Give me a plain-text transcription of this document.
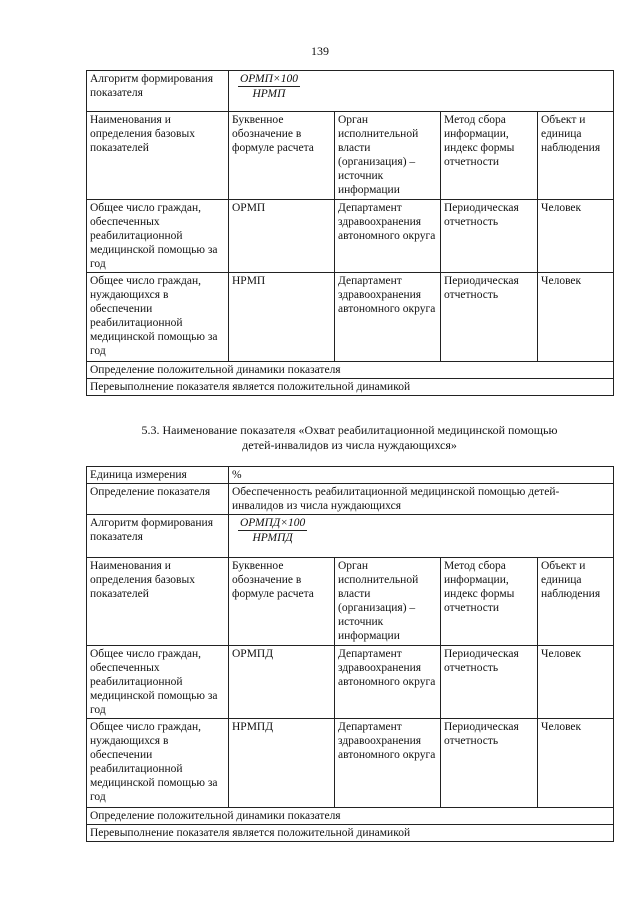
139
Алгоритм формирования показателя	$\frac{\text{ОРМП×100}}{\text{НРМП}}$

Наименования и определения базовых показателей	Буквенное обозначение в формуле расчета	Орган исполнительной власти (организация) – источник информации	Метод сбора информации, индекс формы отчетности	Объект и единица наблюдения
Общее число граждан, обеспеченных реабилитационной медицинской помощью за год	ОРМП	Департамент здравоохранения автономного округа	Периодическая отчетность	Человек
Общее число граждан, нуждающихся в обеспечении реабилитационной медицинской помощью за год	НРМП	Департамент здравоохранения автономного округа	Периодическая отчетность	Человек
Определение положительной динамики показателя				
Перевыполнение показателя является положительной динамикой				
5.3. Наименование показателя «Охват реабилитационной медицинской помощью
детей-инвалидов из числа нуждающихся»
Единица измерения	%			
Определение показателя	Обеспеченность реабилитационной медицинской помощью детей-инвалидов из числа нуждающихся			
Алгоритм формирования показателя	$\frac{\text{ОРМПД×100}}{\text{НРМПД}}$

Наименования и определения базовых показателей	Буквенное обозначение в формуле расчета	Орган исполнительной власти (организация) – источник информации	Метод сбора информации, индекс формы отчетности	Объект и единица наблюдения
Общее число граждан, обеспеченных реабилитационной медицинской помощью за год	ОРМПД	Департамент здравоохранения автономного округа	Периодическая отчетность	Человек
Общее число граждан, нуждающихся в обеспечении реабилитационной медицинской помощью за год	НРМПД	Департамент здравоохранения автономного округа	Периодическая отчетность	Человек
Определение положительной динамики показателя				
Перевыполнение показателя является положительной динамикой				
